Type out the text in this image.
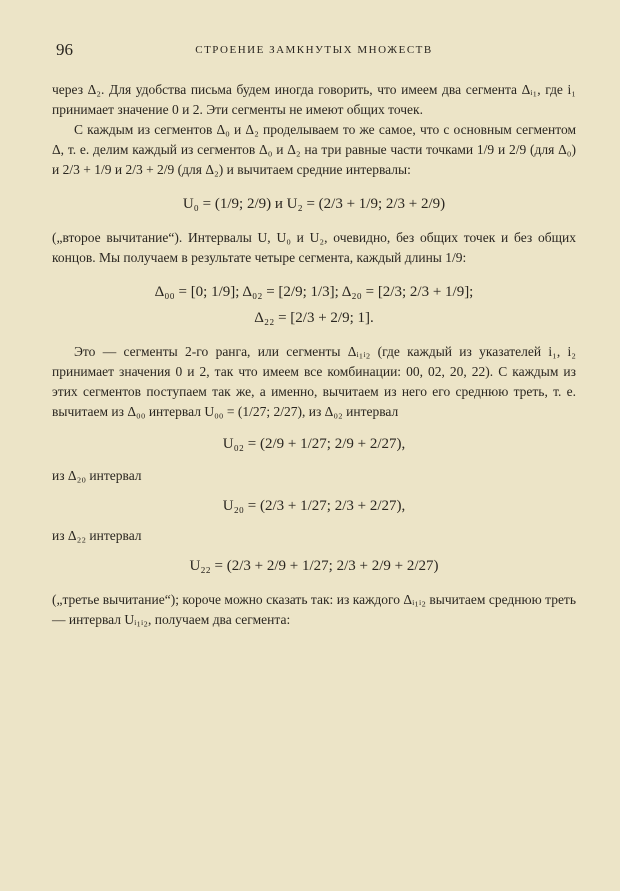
96	СТРОЕНИЕ ЗАМКНУТЫХ МНОЖЕСТВ

через Δ₂. Для удобства письма будем иногда говорить, что имеем два сегмента Δᵢ₁, где i₁ принимает значение 0 и 2. Эти сегменты не имеют общих точек.

С каждым из сегментов Δ₀ и Δ₂ проделываем то же самое, что с основным сегментом Δ, т. е. делим каждый из сегментов Δ₀ и Δ₂ на три равные части точками 1/9 и 2/9 (для Δ₀) и 2/3 + 1/9 и 2/3 + 2/9 (для Δ₂) и вычитаем средние интервалы:

U₀ = (1/9; 2/9) и U₂ = (2/3 + 1/9; 2/3 + 2/9)

(„второе вычитание“). Интервалы U, U₀ и U₂, очевидно, без общих точек и без общих концов. Мы получаем в результате четыре сегмента, каждый длины 1/9:

Δ₀₀ = [0; 1/9]; Δ₀₂ = [2/9; 1/3]; Δ₂₀ = [2/3; 2/3 + 1/9];
Δ₂₂ = [2/3 + 2/9; 1].

Это — сегменты 2-го ранга, или сегменты Δᵢ₁ᵢ₂ (где каждый из указателей i₁, i₂ принимает значения 0 и 2, так что имеем все комбинации: 00, 02, 20, 22). С каждым из этих сегментов поступаем так же, а именно, вычитаем из него его среднюю треть, т. е. вычитаем из Δ₀₀ интервал U₀₀ = (1/27; 2/27), из Δ₀₂ интервал

U₀₂ = (2/9 + 1/27; 2/9 + 2/27),

из Δ₂₀ интервал

U₂₀ = (2/3 + 1/27; 2/3 + 2/27),

из Δ₂₂ интервал

U₂₂ = (2/3 + 2/9 + 1/27; 2/3 + 2/9 + 2/27)

(„третье вычитание“); короче можно сказать так: из каждого Δᵢ₁ᵢ₂ вычитаем среднюю треть — интервал Uᵢ₁ᵢ₂, получаем два сегмента:
